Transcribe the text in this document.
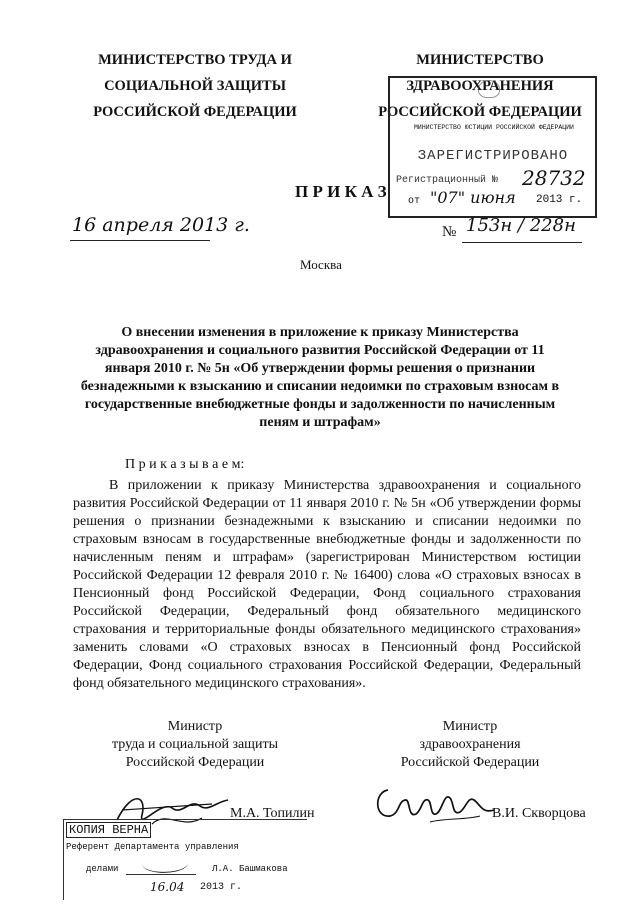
МИНИСТЕРСТВО ТРУДА И
СОЦИАЛЬНОЙ ЗАЩИТЫ
РОССИЙСКОЙ ФЕДЕРАЦИИ
МИНИСТЕРСТВО
ЗДРАВООХРАНЕНИЯ
РОССИЙСКОЙ ФЕДЕРАЦИИ
МИНИСТЕРСТВО ЮСТИЦИИ РОССИЙСКОЙ ФЕДЕРАЦИИ
ЗАРЕГИСТРИРОВАНО
Регистрационный № 28732
от "07" июня 2013 г.
П Р И К А З
16 апреля 2013 г.	№ 153н / 228н
Москва
О внесении изменения в приложение к приказу Министерства здравоохранения и социального развития Российской Федерации от 11 января 2010 г. № 5н «Об утверждении формы решения о признании безнадежными к взысканию и списании недоимки по страховым взносам в государственные внебюджетные фонды и задолженности по начисленным пеням и штрафам»
П р и к а з ы в а е м:
В приложении к приказу Министерства здравоохранения и социального развития Российской Федерации от 11 января 2010 г. № 5н «Об утверждении формы решения о признании безнадежными к взысканию и списании недоимки по страховым взносам в государственные внебюджетные фонды и задолженности по начисленным пеням и штрафам» (зарегистрирован Министерством юстиции Российской Федерации 12 февраля 2010 г. № 16400) слова «О страховых взносах в Пенсионный фонд Российской Федерации, Фонд социального страхования Российской Федерации, Федеральный фонд обязательного медицинского страхования и территориальные фонды обязательного медицинского страхования» заменить словами «О страховых взносах в Пенсионный фонд Российской Федерации, Фонд социального страхования Российской Федерации, Федеральный фонд обязательного медицинского страхования».
Министр
труда и социальной защиты
Российской Федерации
М.А. Топилин
Министр
здравоохранения
Российской Федерации
В.И. Скворцова
КОПИЯ ВЕРНА
Референт Департамента управления
делами	Л.А. Башмакова
16.04 2013 г.
